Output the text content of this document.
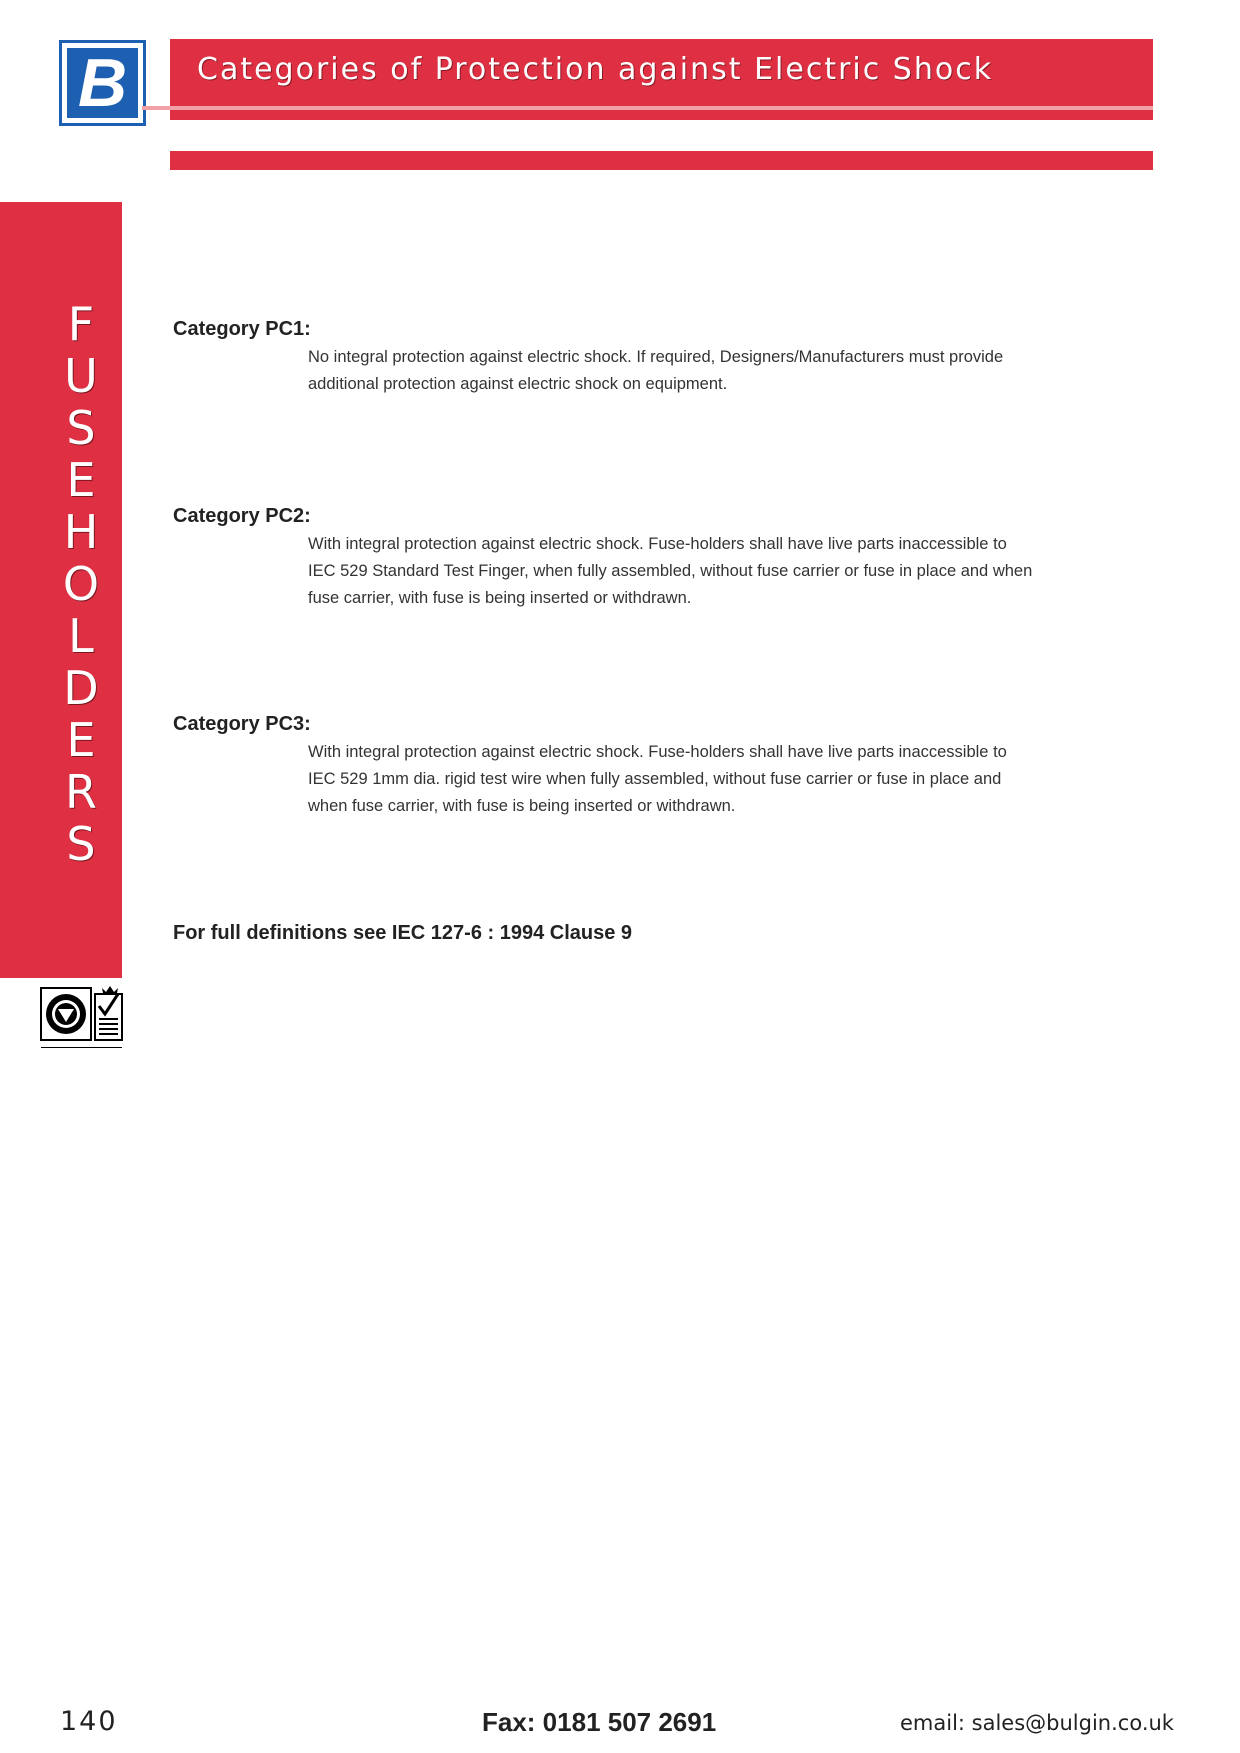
B	Categories of Protection against Electric Shock
F
U
S
E
H
O
L
D
E
R
S
Category PC1:
No integral protection against electric shock. If required, Designers/Manufacturers must provide
additional protection against electric shock on equipment.
Category PC2:
With integral protection against electric shock. Fuse-holders shall have live parts inaccessible to
IEC 529 Standard Test Finger, when fully assembled, without fuse carrier or fuse in place and when
fuse carrier, with fuse is being inserted or withdrawn.
Category PC3:
With integral protection against electric shock. Fuse-holders shall have live parts inaccessible to
IEC 529 1mm dia. rigid test wire when fully assembled, without fuse carrier or fuse in place and
when fuse carrier, with fuse is being inserted or withdrawn.
For full definitions see IEC 127-6 : 1994 Clause 9
140	Fax: 0181 507 2691	email: sales@bulgin.co.uk
